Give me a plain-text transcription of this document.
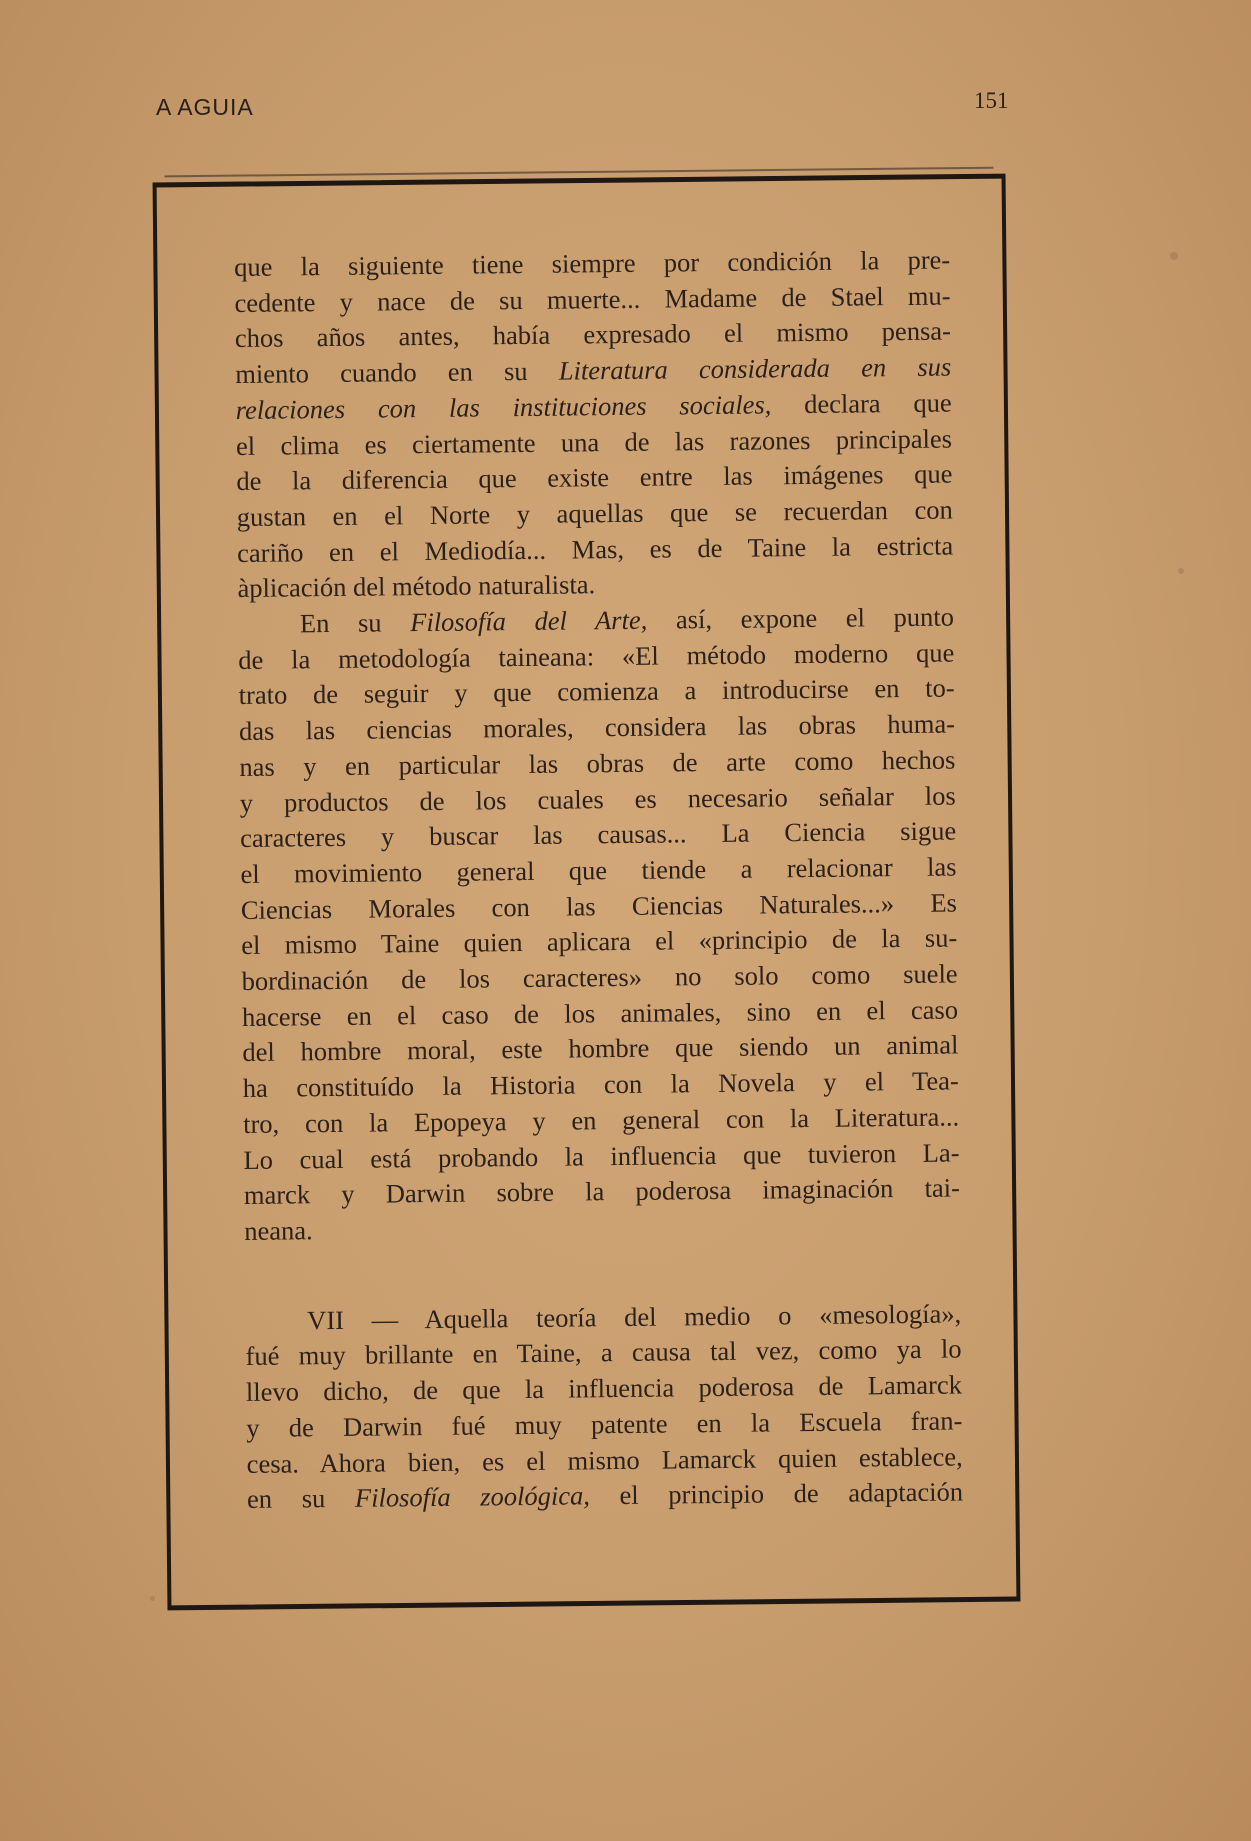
A AGUIA	151

que la siguiente tiene siempre por condición la pre-
cedente y nace de su muerte... Madame de Stael mu-
chos años antes, había expresado el mismo pensa-
miento cuando en su Literatura considerada en sus
relaciones con las instituciones sociales, declara que
el clima es ciertamente una de las razones principales
de la diferencia que existe entre las imágenes que
gustan en el Norte y aquellas que se recuerdan con
cariño en el Mediodía... Mas, es de Taine la estricta
àplicación del método naturalista.

En su Filosofía del Arte, así, expone el punto
de la metodología taineana: «El método moderno que
trato de seguir y que comienza a introducirse en to-
das las ciencias morales, considera las obras huma-
nas y en particular las obras de arte como hechos
y productos de los cuales es necesario señalar los
caracteres y buscar las causas... La Ciencia sigue
el movimiento general que tiende a relacionar las
Ciencias Morales con las Ciencias Naturales...» Es
el mismo Taine quien aplicara el «principio de la su-
bordinación de los caracteres» no solo como suele
hacerse en el caso de los animales, sino en el caso
del hombre moral, este hombre que siendo un animal
ha constituído la Historia con la Novela y el Tea-
tro, con la Epopeya y en general con la Literatura...
Lo cual está probando la influencia que tuvieron La-
marck y Darwin sobre la poderosa imaginación tai-
neana.

VII — Aquella teoría del medio o «mesología»,
fué muy brillante en Taine, a causa tal vez, como ya lo
llevo dicho, de que la influencia poderosa de Lamarck
y de Darwin fué muy patente en la Escuela fran-
cesa. Ahora bien, es el mismo Lamarck quien establece,
en su Filosofía zoológica, el principio de adaptación
